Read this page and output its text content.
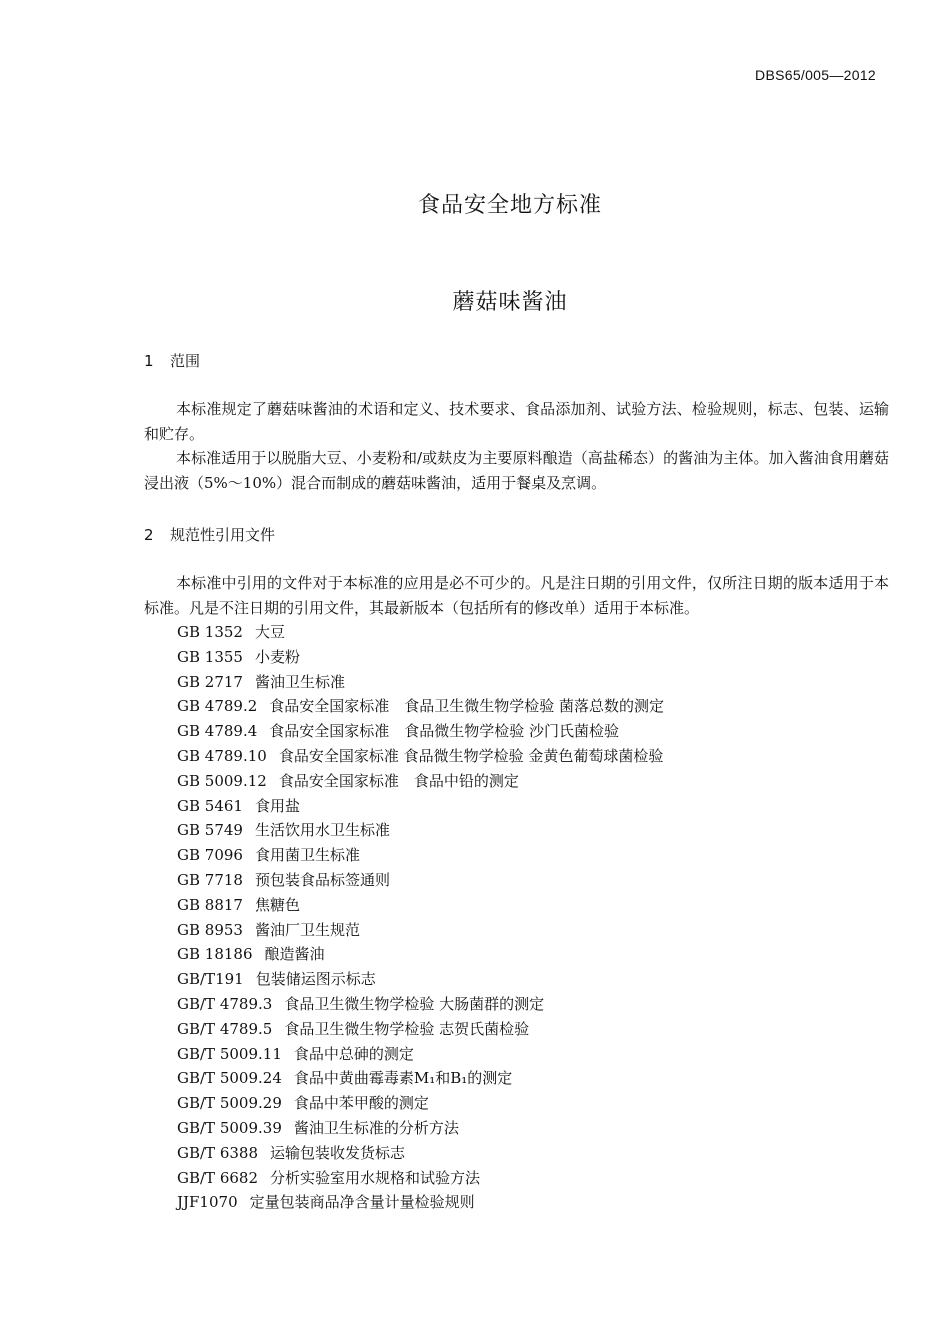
DBS65/005—2012
食品安全地方标准
蘑菇味酱油
1 范围

本标准规定了蘑菇味酱油的术语和定义、技术要求、食品添加剂、试验方法、检验规则，标志、包装、运输和贮存。

本标准适用于以脱脂大豆、小麦粉和/或麸皮为主要原料酿造（高盐稀态）的酱油为主体。加入酱油食用蘑菇浸出液（5%～10%）混合而制成的蘑菇味酱油，适用于餐桌及烹调。

2 规范性引用文件

本标准中引用的文件对于本标准的应用是必不可少的。凡是注日期的引用文件，仅所注日期的版本适用于本标准。凡是不注日期的引用文件，其最新版本（包括所有的修改单）适用于本标准。

GB 1352 大豆
GB 1355 小麦粉
GB 2717 酱油卫生标准
GB 4789.2 食品安全国家标准　食品卫生微生物学检验 菌落总数的测定
GB 4789.4 食品安全国家标准　食品微生物学检验 沙门氏菌检验
GB 4789.10 食品安全国家标准 食品微生物学检验 金黄色葡萄球菌检验
GB 5009.12 食品安全国家标准　食品中铅的测定
GB 5461 食用盐
GB 5749 生活饮用水卫生标准
GB 7096 食用菌卫生标准
GB 7718 预包装食品标签通则
GB 8817 焦糖色
GB 8953 酱油厂卫生规范
GB 18186 酿造酱油
GB/T191 包装储运图示标志
GB/T 4789.3 食品卫生微生物学检验 大肠菌群的测定
GB/T 4789.5 食品卫生微生物学检验 志贺氏菌检验
GB/T 5009.11 食品中总砷的测定
GB/T 5009.24 食品中黄曲霉毒素M₁和B₁的测定
GB/T 5009.29 食品中苯甲酸的测定
GB/T 5009.39 酱油卫生标准的分析方法
GB/T 6388 运输包装收发货标志
GB/T 6682 分析实验室用水规格和试验方法
JJF1070 定量包装商品净含量计量检验规则
